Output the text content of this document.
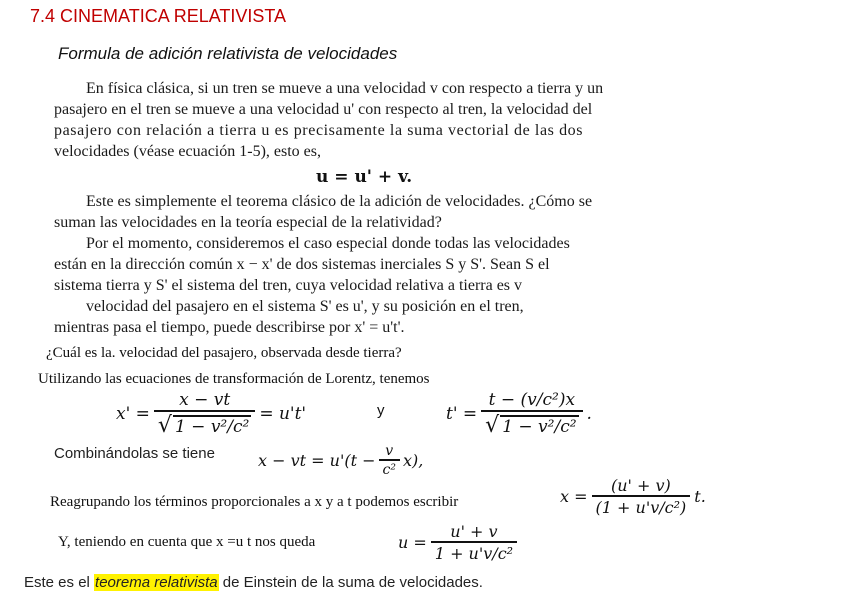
7.4 CINEMATICA RELATIVISTA
Formula de adición relativista de velocidades
En física clásica, si un tren se mueve a una velocidad v con respecto a tierra y un
pasajero en el tren se mueve a una velocidad u' con respecto al tren, la velocidad del
pasajero con relación a tierra u es precisamente la suma vectorial de las dos
velocidades (véase ecuación 1-5), esto es,
u = u' + v.
Este es simplemente el teorema clásico de la adición de velocidades. ¿Cómo se
suman las velocidades en la teoría especial de la relatividad?
Por el momento, consideremos el caso especial donde todas las velocidades
están en la dirección común x − x' de dos sistemas inerciales S y S'. Sean S el
sistema tierra y S' el sistema del tren, cuya velocidad relativa a tierra es v
velocidad del pasajero en el sistema S' es u', y su posición en el tren,
mientras pasa el tiempo, puede describirse por x' = u't'.
¿Cuál es la. velocidad del pasajero, observada desde tierra?
Utilizando las ecuaciones de transformación de Lorentz, tenemos
$x' = \frac{x - vt}{\text{√ 1 − v²/c²}} = u't'$	y	$t' = \frac{\text{t − (v/c²)x}}{\text{√ 1 − v²/c²}}$ .
Combinándolas se tiene	x − vt = $u'(t - \frac{v}{\text{c²}} x)$,
Reagrupando los términos proporcionales a x y a t podemos escribir	$x = \frac{(u' + v)}{\text{(1 + u'v/c²)}} t$.
Y, teniendo en cuenta que x =u t nos queda	$u = \frac{u' + v}{\text{1 + u'v/c²}}$
Este es el teorema relativista de Einstein de la suma de velocidades.
